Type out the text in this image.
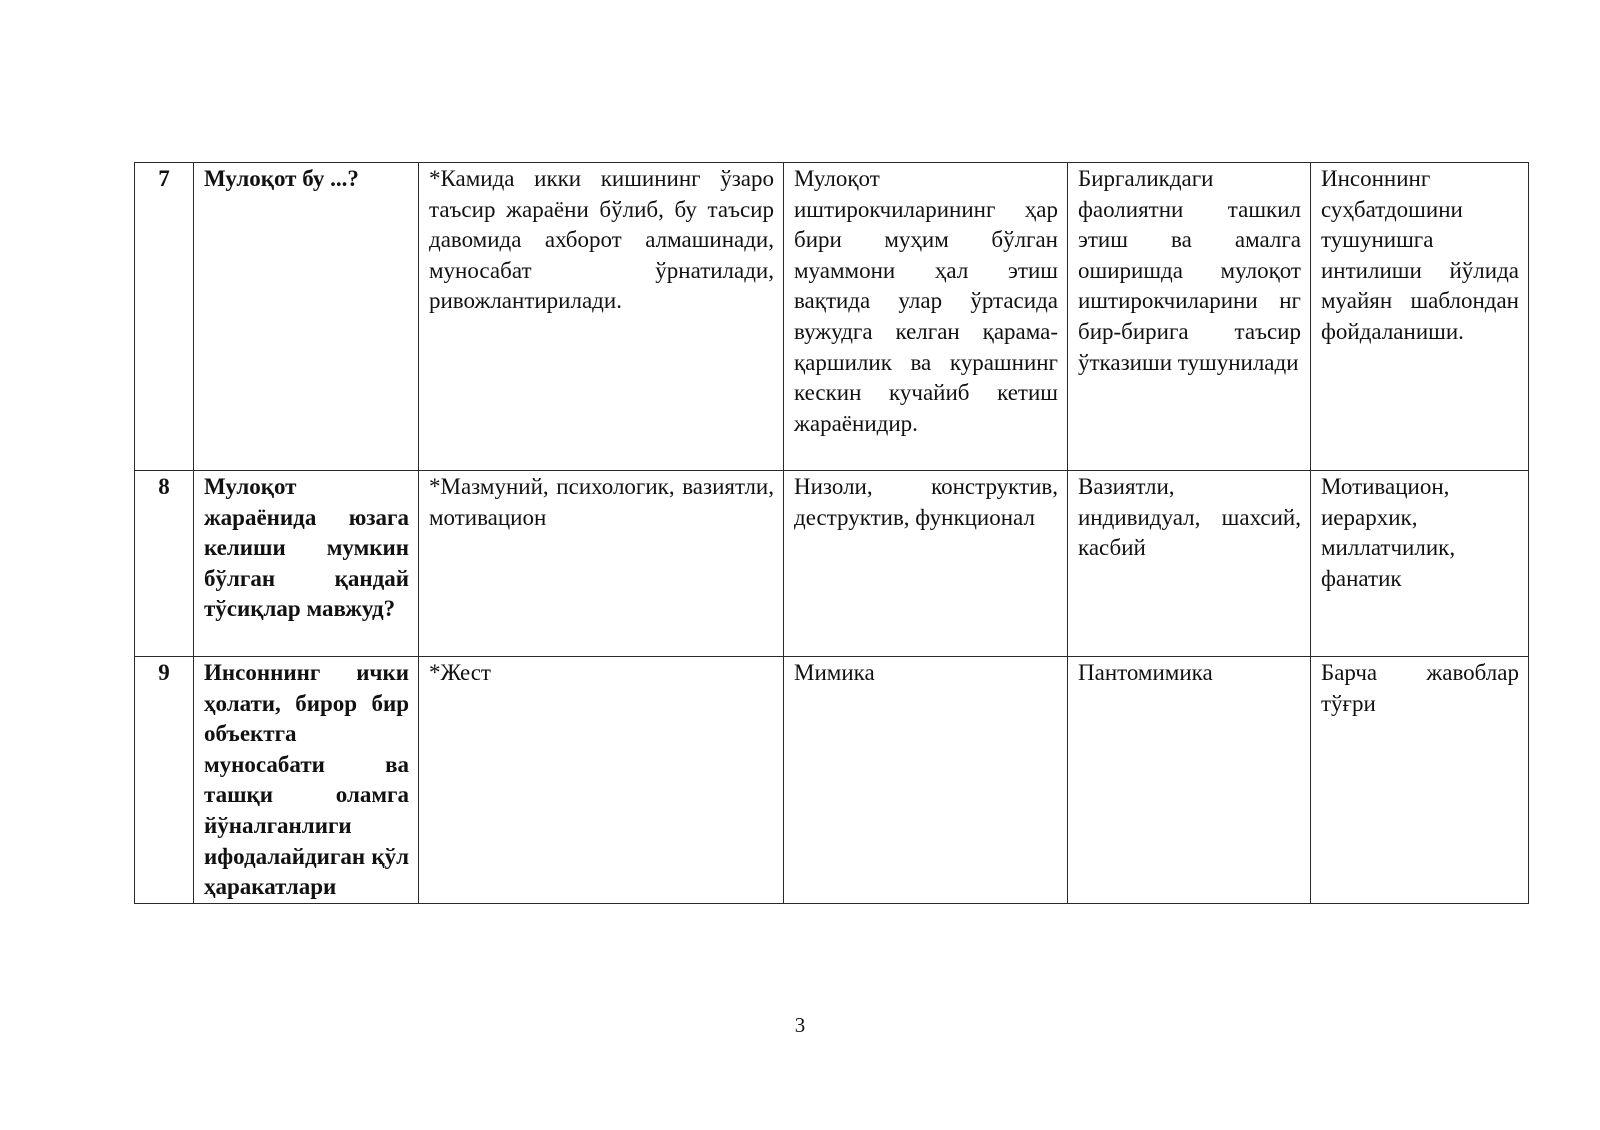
7	Мулоқот бу ...?	*Камида икки кишининг ўзаро таъсир жараёни бўлиб, бу таъсир давомида ахборот алмашинади, муносабат ўрнатилади, ривожлантирилади.	Мулоқот иштирокчиларининг ҳар бири муҳим бўлган муаммони ҳал этиш вақтида улар ўртасида вужудга келган қарама-қаршилик ва курашнинг кескин кучайиб кетиш жараёнидир.	Биргаликдаги фаолиятни ташкил этиш ва амалга оширишда мулоқот иштирокчиларини нг бир-бирига таъсир ўтказиши тушунилади	Инсоннинг суҳбатдошини тушунишга интилиши йўлида муайян шаблондан фойдаланиши.
8	Мулоқот жараёнида юзага келиши мумкин бўлган қандай тўсиқлар мавжуд?	*Мазмуний, психологик, вазиятли, мотивацион	Низоли, конструктив, деструктив, функционал	Вазиятли, индивидуал, шахсий, касбий	Мотивацион, иерархик, миллатчилик, фанатик
9	Инсоннинг ички ҳолати, бирор бир объектга муносабати ва ташқи оламга йўналганлиги ифодалайдиган қўл ҳаракатлари	*Жест	Мимика	Пантомимика	Барча жавоблар тўғри
3
